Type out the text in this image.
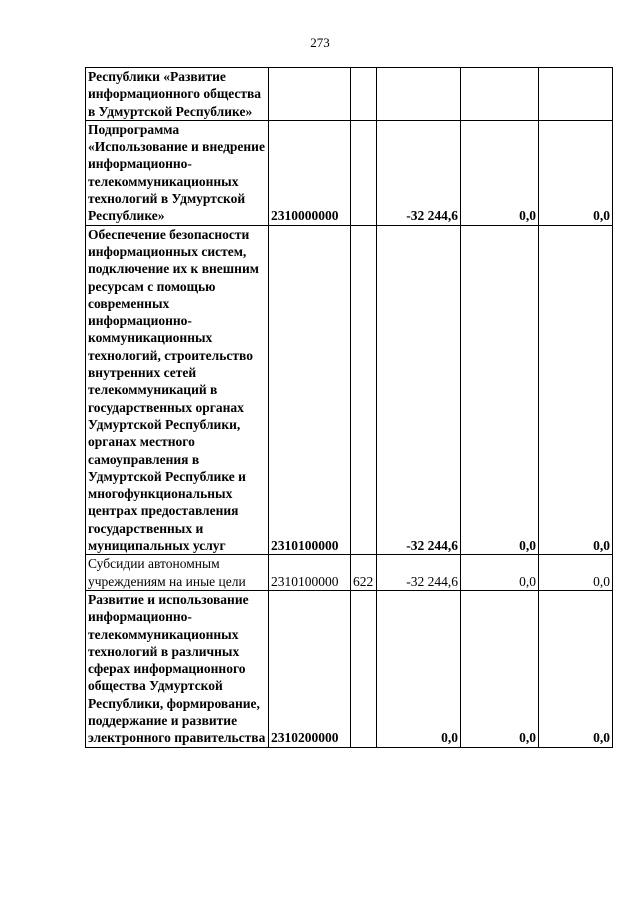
273
Республики «Развитие информационного общества в Удмуртской Республике»					
Подпрограмма «Использование и внедрение информационно-телекоммуникационных технологий в Удмуртской Республике»	2310000000		-32 244,6	0,0	0,0
Обеспечение безопасности информационных систем, подключение их к внешним ресурсам с помощью современных информационно-коммуникационных технологий, строительство внутренних сетей телекоммуникаций в государственных органах Удмуртской Республики, органах местного самоуправления в Удмуртской Республике и многофункциональных центрах предоставления государственных и муниципальных услуг	2310100000		-32 244,6	0,0	0,0
Субсидии автономным учреждениям на иные цели	2310100000	622	-32 244,6	0,0	0,0
Развитие и использование информационно-телекоммуникационных технологий в различных сферах информационного общества Удмуртской Республики, формирование, поддержание и развитие электронного правительства	2310200000		0,0	0,0	0,0
